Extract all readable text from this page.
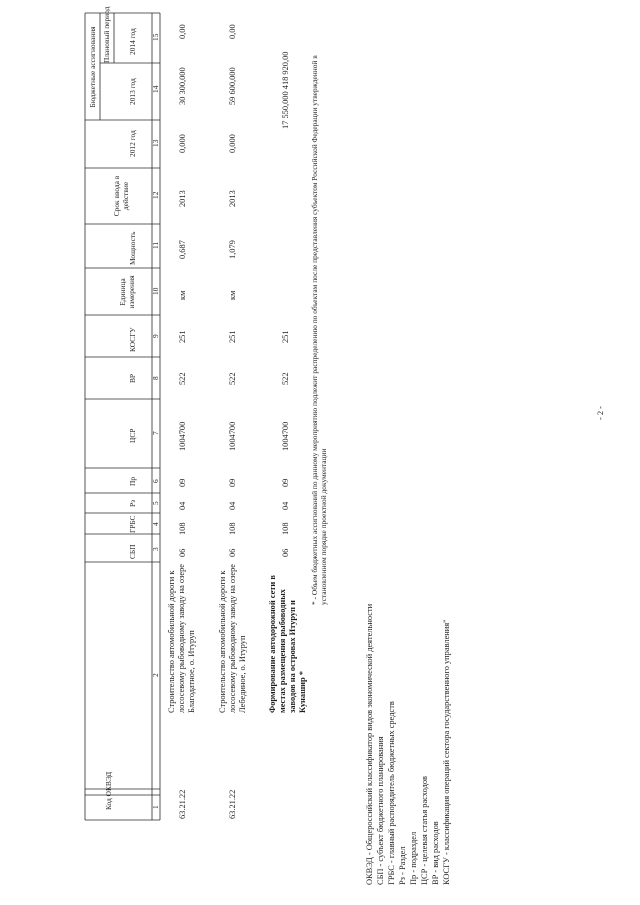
- 2 -
Код ОКВЭД
СБП
ГРБС
Рз
Пр
ЦСР
ВР
КОСГУ
Единица измерения
Мощность
Срок ввода в действие
Бюджетные ассигнования Плановый период
2012 год
2013 год
2014 год
1
2
3
4
5
6
7
8
9
10
11
12
13
14
15
63.21.22
Строительство автомобильной дороги к лососевому рыбоводному заводу на озере Благодатное, о. Итуруп
06
108
04
09
1004700
522
251
км
0,687
2013
0,000
30 300,000
0,00
63.21.22
Строительство автомобильной дороги к лососевому рыбоводному заводу на озере Лебединое, о. Итуруп
06
108
04
09
1004700
522
251
км
1,079
2013
0,000
59 600,000
0,00
Формирование автодорожной сети в местах размещения рыбоводных заводов на островах Итуруп и Кунашир *
06
108
04
09
1004700
522
251
17 550,000 418 920,00	* - Объем бюджетных ассигнований по данному мероприятию подлежит распределению по объектам после представления субъектом Российской Федерации утвержденной в установленном порядке проектной документации
ОКВЭД - Общероссийский классификатор видов экономической деятельности СБП - субъект бюджетного планирования ГРБС - главный распорядитель бюджетных средств Рз - Раздел Пр - подраздел ЦСР - целевая статья расходов ВР - вид расходов КОСГУ - классификация операций сектора государственного управления"
